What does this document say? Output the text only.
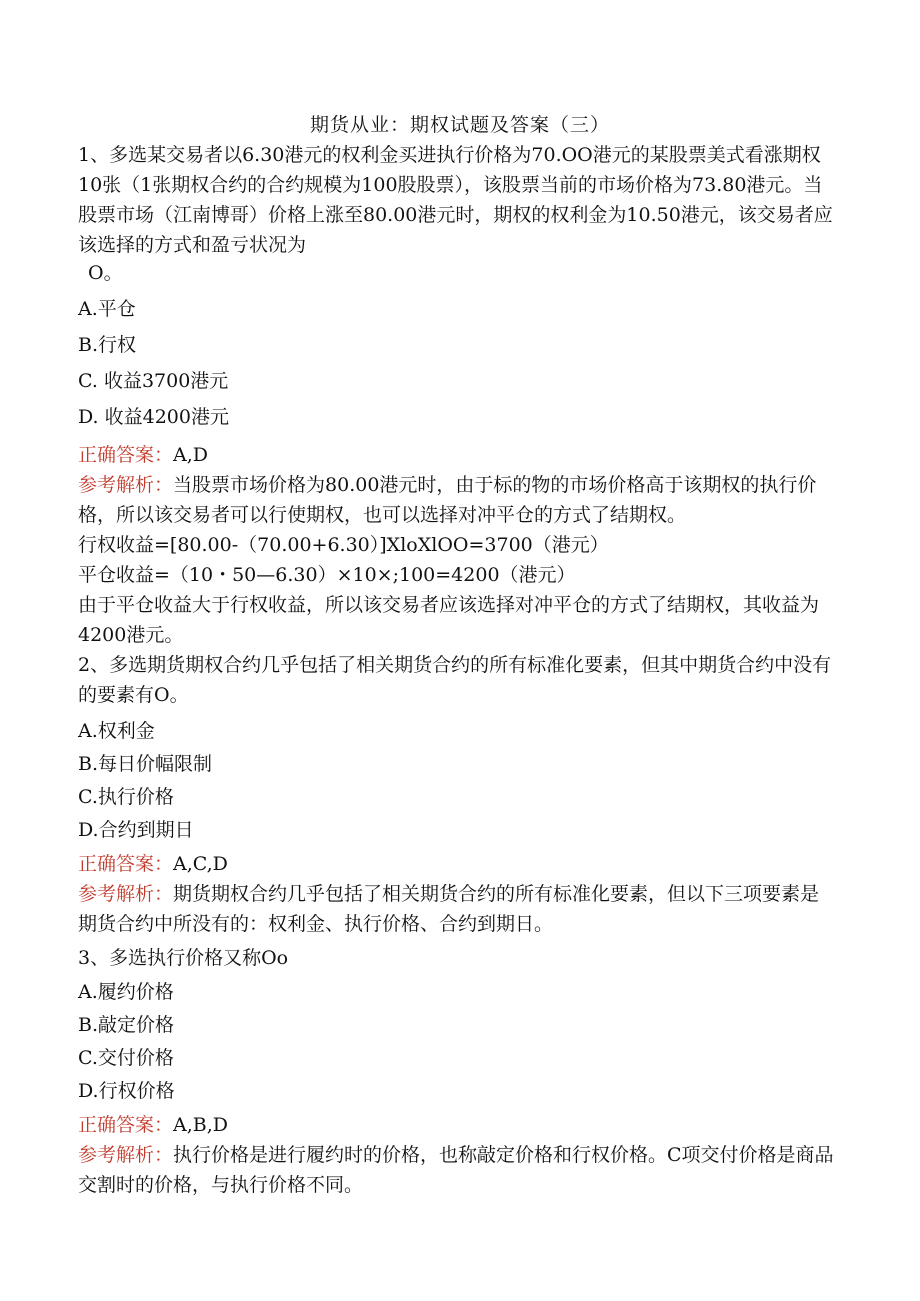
期货从业：期权试题及答案（三）

1、多选某交易者以6.30港元的权利金买进执行价格为70.OO港元的某股票美式看涨期权10张（1张期权合约的合约规模为100股股票），该股票当前的市场价格为73.80港元。当股票市场（江南博哥）价格上涨至80.00港元时，期权的权利金为10.50港元，该交易者应该选择的方式和盈亏状况为

O。

A.平仓

B.行权

C. 收益3700港元

D. 收益4200港元

正确答案：A,D

参考解析：当股票市场价格为80.00港元时，由于标的物的市场价格高于该期权的执行价格，所以该交易者可以行使期权，也可以选择对冲平仓的方式了结期权。

行权收益=[80.00-（70.00+6.30）]XloXlOO=3700（港元）

平仓收益=（10・50—6.30）×10×;100=4200（港元）

由于平仓收益大于行权收益，所以该交易者应该选择对冲平仓的方式了结期权，其收益为4200港元。

2、多选期货期权合约几乎包括了相关期货合约的所有标准化要素，但其中期货合约中没有的要素有O。

A.权利金

B.每日价幅限制

C.执行价格

D.合约到期日

正确答案：A,C,D

参考解析：期货期权合约几乎包括了相关期货合约的所有标准化要素，但以下三项要素是期货合约中所没有的：权利金、执行价格、合约到期日。

3、多选执行价格又称Oo

A.履约价格

B.敲定价格

C.交付价格

D.行权价格

正确答案：A,B,D

参考解析：执行价格是进行履约时的价格，也称敲定价格和行权价格。C项交付价格是商品交割时的价格，与执行价格不同。
